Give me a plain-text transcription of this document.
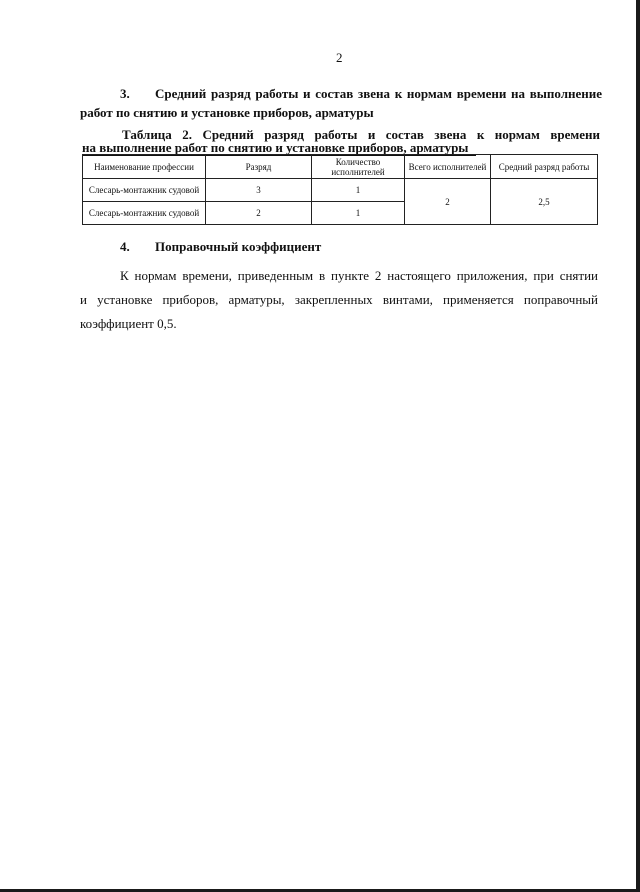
2
3.	Средний разряд работы и состав звена к нормам времени на выполнение
работ по снятию и установке приборов, арматуры
Таблица 2. Средний разряд работы и состав звена к нормам времени
на выполнение работ по снятию и установке приборов, арматуры
Наименование профессии	Разряд	Количество исполнителей	Всего исполнителей	Средний разряд работы
Слесарь-монтажник судовой	3	1	2	2,5
Слесарь-монтажник судовой	2	1		
4. Поправочный коэффициент
К нормам времени, приведенным в пункте 2 настоящего приложения, при снятии
и установке приборов, арматуры, закрепленных винтами, применяется поправочный
коэффициент 0,5.
